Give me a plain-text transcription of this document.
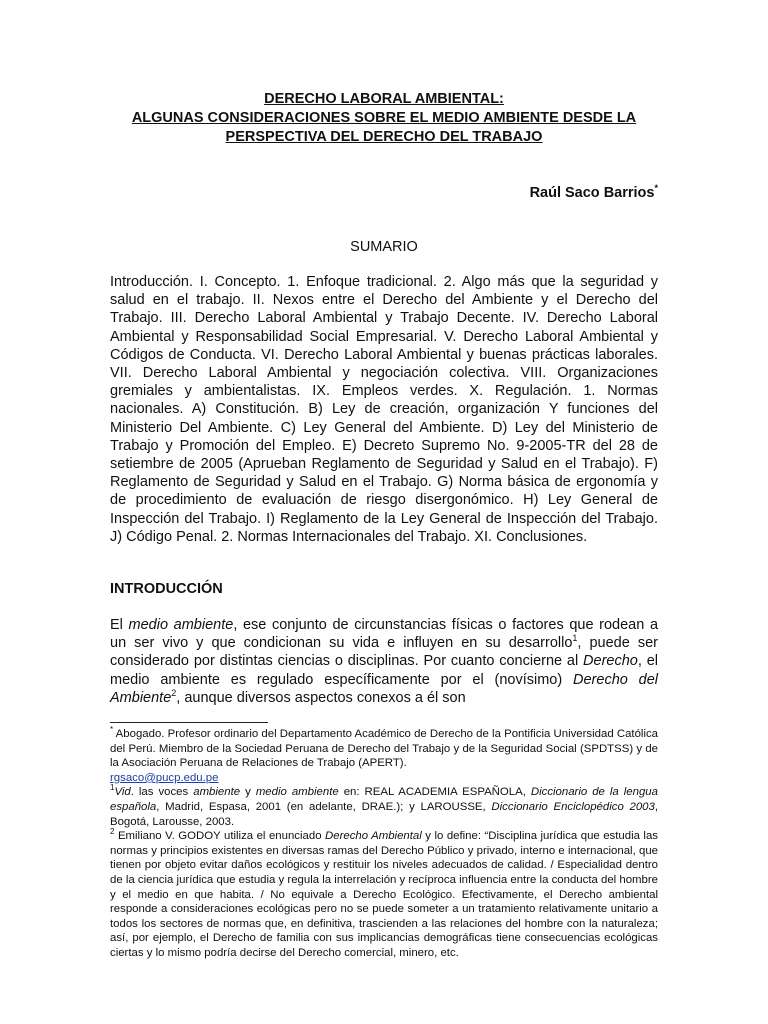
DERECHO LABORAL AMBIENTAL:

ALGUNAS CONSIDERACIONES SOBRE EL MEDIO AMBIENTE DESDE LA

PERSPECTIVA DEL DERECHO DEL TRABAJO

Raúl Saco Barrios*
SUMARIO
Introducción. I. Concepto. 1. Enfoque tradicional. 2. Algo más que la seguridad y salud en el trabajo. II. Nexos entre el Derecho del Ambiente y el Derecho del Trabajo. III. Derecho Laboral Ambiental y Trabajo Decente. IV. Derecho Laboral Ambiental y Responsabilidad Social Empresarial. V. Derecho Laboral Ambiental y Códigos de Conducta. VI. Derecho Laboral Ambiental y buenas prácticas laborales. VII. Derecho Laboral Ambiental y negociación colectiva. VIII. Organizaciones gremiales y ambientalistas. IX. Empleos verdes. X. Regulación. 1. Normas nacionales. A) Constitución. B) Ley de creación, organización Y funciones del Ministerio Del Ambiente. C) Ley General del Ambiente. D) Ley del Ministerio de Trabajo y Promoción del Empleo. E) Decreto Supremo No. 9-2005-TR del 28 de setiembre de 2005 (Aprueban Reglamento de Seguridad y Salud en el Trabajo). F) Reglamento de Seguridad y Salud en el Trabajo. G) Norma básica de ergonomía y de procedimiento de evaluación de riesgo disergonómico. H) Ley General de Inspección del Trabajo. I) Reglamento de la Ley General de Inspección del Trabajo. J) Código Penal. 2. Normas Internacionales del Trabajo. XI. Conclusiones.
INTRODUCCIÓN
El medio ambiente, ese conjunto de circunstancias físicas o factores que rodean a un ser vivo y que condicionan su vida e influyen en su desarrollo$^1$, puede ser considerado por distintas ciencias o disciplinas. Por cuanto concierne al Derecho, el medio ambiente es regulado específicamente por el (novísimo) Derecho del Ambiente$^2$, aunque diversos aspectos conexos a él son

* Abogado. Profesor ordinario del Departamento Académico de Derecho de la Pontificia Universidad Católica del Perú. Miembro de la Sociedad Peruana de Derecho del Trabajo y de la Seguridad Social (SPDTSS) y de la Asociación Peruana de Relaciones de Trabajo (APERT).
rgsaco@pucp.edu.pe

$^1$Vid. las voces ambiente y medio ambiente en: REAL ACADEMIA ESPAÑOLA, Diccionario de la lengua española, Madrid, Espasa, 2001 (en adelante, DRAE.); y LAROUSSE, Diccionario Enciclopédico 2003, Bogotá, Larousse, 2003.

$^2$ Emiliano V. GODOY utiliza el enunciado Derecho Ambiental y lo define: “Disciplina jurídica que estudia las normas y principios existentes en diversas ramas del Derecho Público y privado, interno e internacional, que tienen por objeto evitar daños ecológicos y restituir los niveles adecuados de calidad. / Especialidad dentro de la ciencia jurídica que estudia y regula la interrelación y recíproca influencia entre la conducta del hombre y el medio en que habita. / No equivale a Derecho Ecológico. Efectivamente, el Derecho ambiental responde a consideraciones ecológicas pero no se puede someter a un tratamiento relativamente unitario a todos los sectores de normas que, en definitiva, trascienden a las relaciones del hombre con la naturaleza; así, por ejemplo, el Derecho de familia con sus implicancias demográficas tiene consecuencias ecológicas ciertas y lo mismo podría decirse del Derecho comercial, minero, etc.
